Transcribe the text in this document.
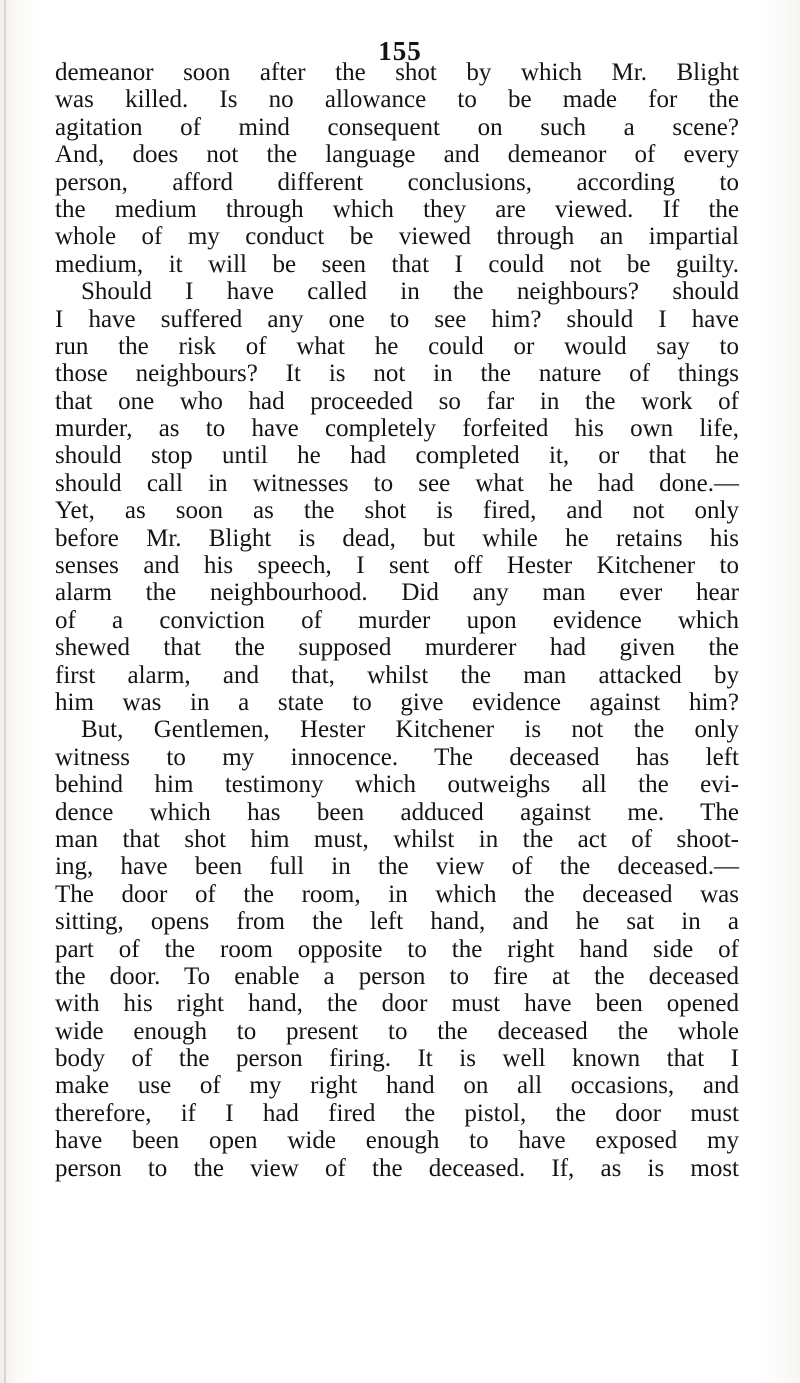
155
demeanor soon after the shot by which Mr. Blight
was killed. Is no allowance to be made for the
agitation of mind consequent on such a scene?
And, does not the language and demeanor of every
person, afford different conclusions, according to
the medium through which they are viewed. If the
whole of my conduct be viewed through an impartial
medium, it will be seen that I could not be guilty.
Should I have called in the neighbours? should
I have suffered any one to see him? should I have
run the risk of what he could or would say to
those neighbours? It is not in the nature of things
that one who had proceeded so far in the work of
murder, as to have completely forfeited his own life,
should stop until he had completed it, or that he
should call in witnesses to see what he had done.—
Yet, as soon as the shot is fired, and not only
before Mr. Blight is dead, but while he retains his
senses and his speech, I sent off Hester Kitchener to
alarm the neighbourhood. Did any man ever hear
of a conviction of murder upon evidence which
shewed that the supposed murderer had given the
first alarm, and that, whilst the man attacked by
him was in a state to give evidence against him?
But, Gentlemen, Hester Kitchener is not the only
witness to my innocence. The deceased has left
behind him testimony which outweighs all the evi-
dence which has been adduced against me. The
man that shot him must, whilst in the act of shoot-
ing, have been full in the view of the deceased.—
The door of the room, in which the deceased was
sitting, opens from the left hand, and he sat in a
part of the room opposite to the right hand side of
the door. To enable a person to fire at the deceased
with his right hand, the door must have been opened
wide enough to present to the deceased the whole
body of the person firing. It is well known that I
make use of my right hand on all occasions, and
therefore, if I had fired the pistol, the door must
have been open wide enough to have exposed my
person to the view of the deceased. If, as is most
